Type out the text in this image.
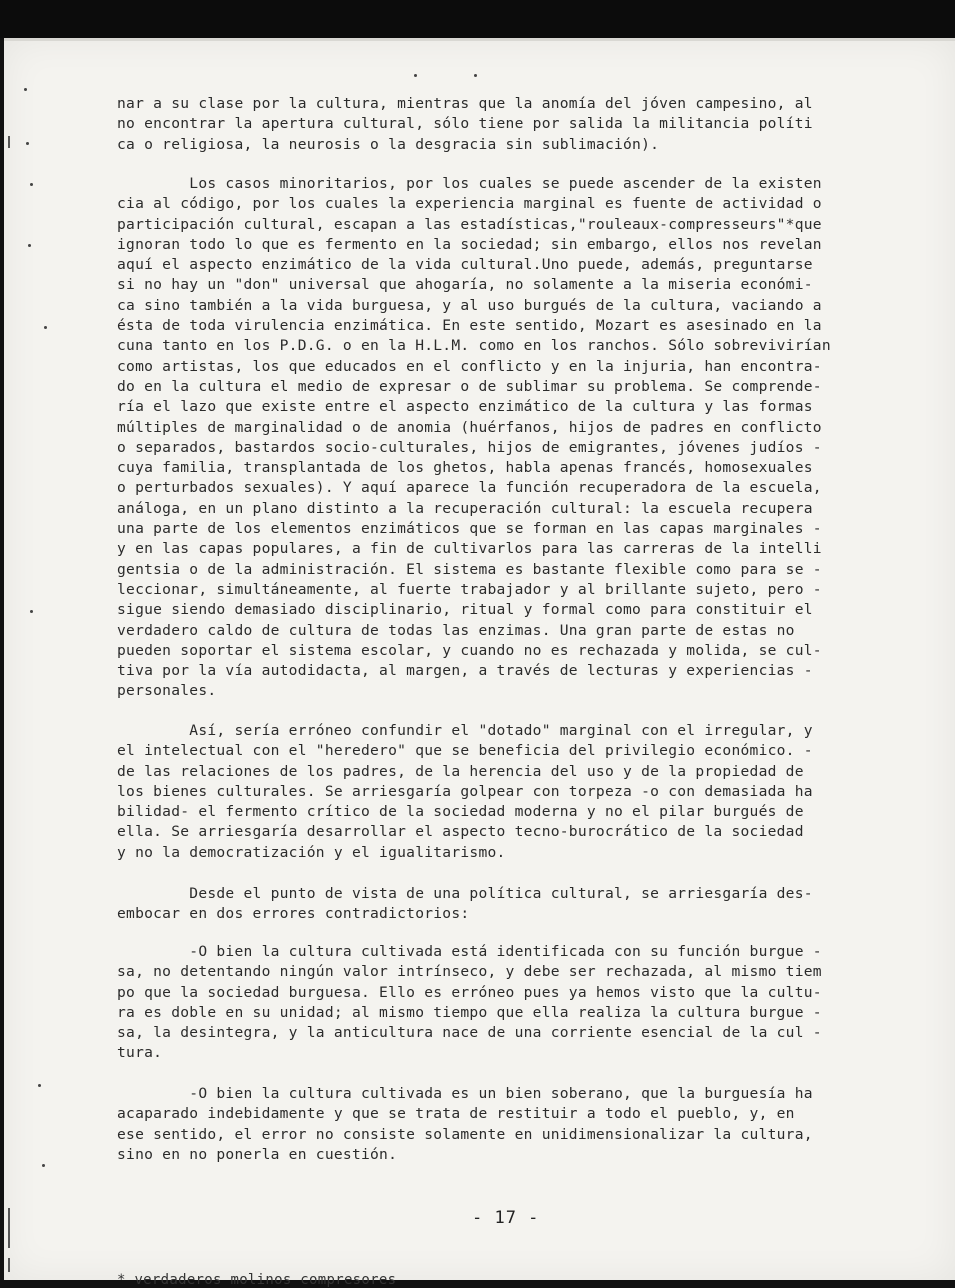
nar a su clase por la cultura, mientras que la anomía del jóven campesino, al
no encontrar la apertura cultural, sólo tiene por salida la militancia políti
ca o religiosa, la neurosis o la desgracia sin sublimación).

Los casos minoritarios, por los cuales se puede ascender de la existen
cia al código, por los cuales la experiencia marginal es fuente de actividad o
participación cultural, escapan a las estadísticas,"rouleaux-compresseurs"*que
ignoran todo lo que es fermento en la sociedad; sin embargo, ellos nos revelan
aquí el aspecto enzimático de la vida cultural.Uno puede, además, preguntarse
si no hay un "don" universal que ahogaría, no solamente a la miseria económi-
ca sino también a la vida burguesa, y al uso burgués de la cultura, vaciando a
ésta de toda virulencia enzimática. En este sentido, Mozart es asesinado en la
cuna tanto en los P.D.G. o en la H.L.M. como en los ranchos. Sólo sobrevivirían
como artistas, los que educados en el conflicto y en la injuria, han encontra-
do en la cultura el medio de expresar o de sublimar su problema. Se comprende-
ría el lazo que existe entre el aspecto enzimático de la cultura y las formas
múltiples de marginalidad o de anomia (huérfanos, hijos de padres en conflicto
o separados, bastardos socio-culturales, hijos de emigrantes, jóvenes judíos -
cuya familia, transplantada de los ghetos, habla apenas francés, homosexuales
o perturbados sexuales). Y aquí aparece la función recuperadora de la escuela,
análoga, en un plano distinto a la recuperación cultural: la escuela recupera
una parte de los elementos enzimáticos que se forman en las capas marginales -
y en las capas populares, a fin de cultivarlos para las carreras de la intelli
gentsia o de la administración. El sistema es bastante flexible como para se -
leccionar, simultáneamente, al fuerte trabajador y al brillante sujeto, pero -
sigue siendo demasiado disciplinario, ritual y formal como para constituir el
verdadero caldo de cultura de todas las enzimas. Una gran parte de estas no
pueden soportar el sistema escolar, y cuando no es rechazada y molida, se cul-
tiva por la vía autodidacta, al margen, a través de lecturas y experiencias -
personales.

Así, sería erróneo confundir el "dotado" marginal con el irregular, y
el intelectual con el "heredero" que se beneficia del privilegio económico. -
de las relaciones de los padres, de la herencia del uso y de la propiedad de
los bienes culturales. Se arriesgaría golpear con torpeza -o con demasiada ha
bilidad- el fermento crítico de la sociedad moderna y no el pilar burgués de
ella. Se arriesgaría desarrollar el aspecto tecno-burocrático de la sociedad
y no la democratización y el igualitarismo.

Desde el punto de vista de una política cultural, se arriesgaría des-
embocar en dos errores contradictorios:

-O bien la cultura cultivada está identificada con su función burgue -
sa, no detentando ningún valor intrínseco, y debe ser rechazada, al mismo tiem
po que la sociedad burguesa. Ello es erróneo pues ya hemos visto que la cultu-
ra es doble en su unidad; al mismo tiempo que ella realiza la cultura burgue -
sa, la desintegra, y la anticultura nace de una corriente esencial de la cul -
tura.

-O bien la cultura cultivada es un bien soberano, que la burguesía ha
acaparado indebidamente y que se trata de restituir a todo el pueblo, y, en
ese sentido, el error no consiste solamente en unidimensionalizar la cultura,
sino en no ponerla en cuestión.

- 17 -
* verdaderos molinos compresores
